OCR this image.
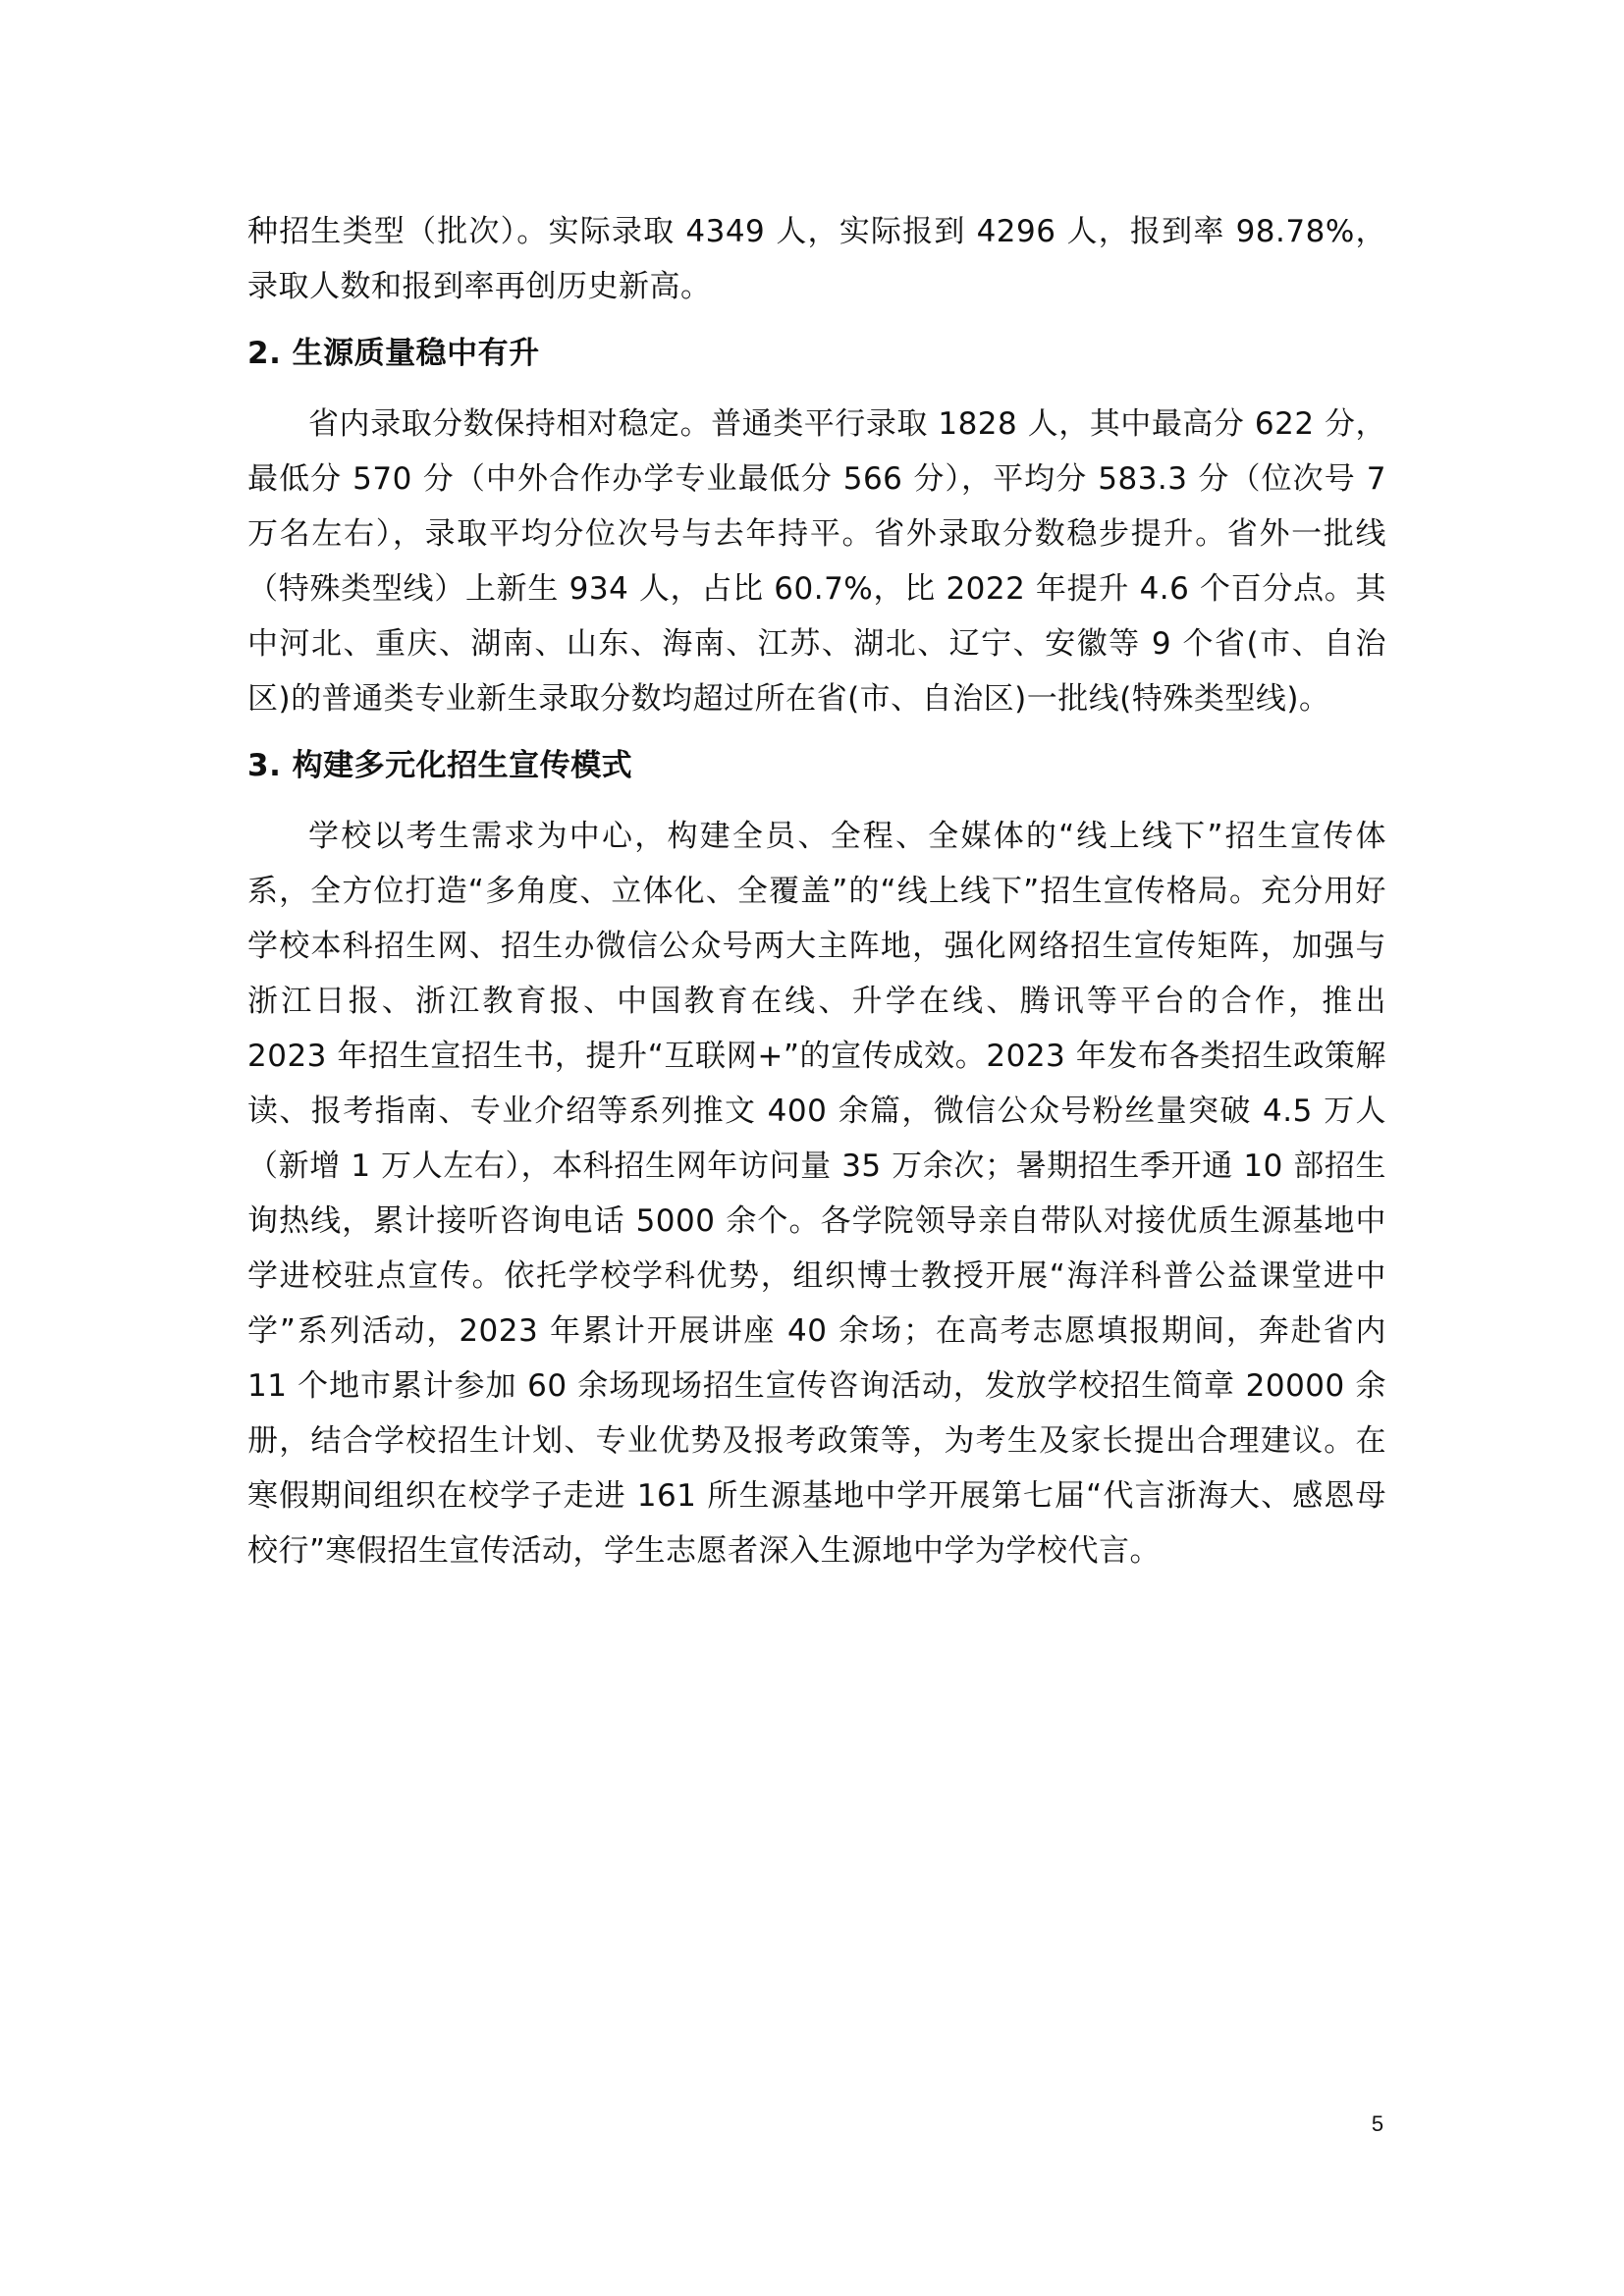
种招生类型（批次）。实际录取 4349 人，实际报到 4296 人，报到率 98.78%，录取人数和报到率再创历史新高。

2. 生源质量稳中有升

省内录取分数保持相对稳定。普通类平行录取 1828 人，其中最高分 622 分，最低分 570 分（中外合作办学专业最低分 566 分），平均分 583.3 分（位次号 7 万名左右），录取平均分位次号与去年持平。省外录取分数稳步提升。省外一批线（特殊类型线）上新生 934 人，占比 60.7%，比 2022 年提升 4.6 个百分点。其中河北、重庆、湖南、山东、海南、江苏、湖北、辽宁、安徽等 9 个省(市、自治区)的普通类专业新生录取分数均超过所在省(市、自治区)一批线(特殊类型线)。

3. 构建多元化招生宣传模式

学校以考生需求为中心，构建全员、全程、全媒体的“线上线下”招生宣传体系，全方位打造“多角度、立体化、全覆盖”的“线上线下”招生宣传格局。充分用好学校本科招生网、招生办微信公众号两大主阵地，强化网络招生宣传矩阵，加强与浙江日报、浙江教育报、中国教育在线、升学在线、腾讯等平台的合作，推出 2023 年招生宣招生书，提升“互联网+”的宣传成效。2023 年发布各类招生政策解读、报考指南、专业介绍等系列推文 400 余篇，微信公众号粉丝量突破 4.5 万人（新增 1 万人左右），本科招生网年访问量 35 万余次；暑期招生季开通 10 部招生询热线，累计接听咨询电话 5000 余个。各学院领导亲自带队对接优质生源基地中学进校驻点宣传。依托学校学科优势，组织博士教授开展“海洋科普公益课堂进中学”系列活动，2023 年累计开展讲座 40 余场；在高考志愿填报期间，奔赴省内 11 个地市累计参加 60 余场现场招生宣传咨询活动，发放学校招生简章 20000 余册，结合学校招生计划、专业优势及报考政策等，为考生及家长提出合理建议。在寒假期间组织在校学子走进 161 所生源基地中学开展第七届“代言浙海大、感恩母校行”寒假招生宣传活动，学生志愿者深入生源地中学为学校代言。

5
